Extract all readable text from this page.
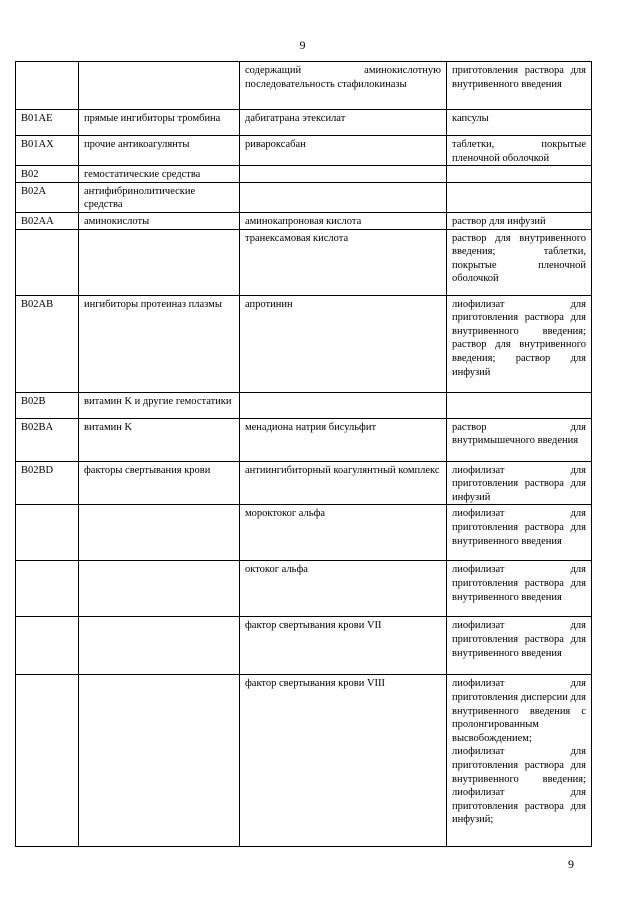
9

		содержащий аминокислотную последовательность стафилокиназы	приготовления раствора для внутривенного введения

B01AE	прямые ингибиторы тромбина	дабигатрана этексилат	капсулы

B01AX	прочие антикоагулянты	ривароксабан	таблетки, покрытые пленочной оболочкой

B02	гемостатические средства		

B02A	антифибринолитические средства		

B02AA	аминокислоты	аминокапроновая кислота	раствор для инфузий

		транексамовая кислота	раствор для внутривенного введения; таблетки, покрытые пленочной оболочкой

B02AB	ингибиторы протеиназ плазмы	апротинин	лиофилизат для приготовления раствора для внутривенного введения; раствор для внутривенного введения; раствор для инфузий

B02B	витамин K и другие гемостатики		

B02BA	витамин K	менадиона натрия бисульфит	раствор для внутримышечного введения

B02BD	факторы свертывания крови	антиингибиторный коагулянтный комплекс	лиофилизат для приготовления раствора для инфузий

		мороктоког альфа	лиофилизат для приготовления раствора для внутривенного введения

		октоког альфа	лиофилизат для приготовления раствора для внутривенного введения

		фактор свертывания крови VII	лиофилизат для приготовления раствора для внутривенного введения

		фактор свертывания крови VIII	лиофилизат для приготовления дисперсии для внутривенного введения с пролонгированным высвобождением; лиофилизат для приготовления раствора для внутривенного введения; лиофилизат для приготовления раствора для инфузий;
9
